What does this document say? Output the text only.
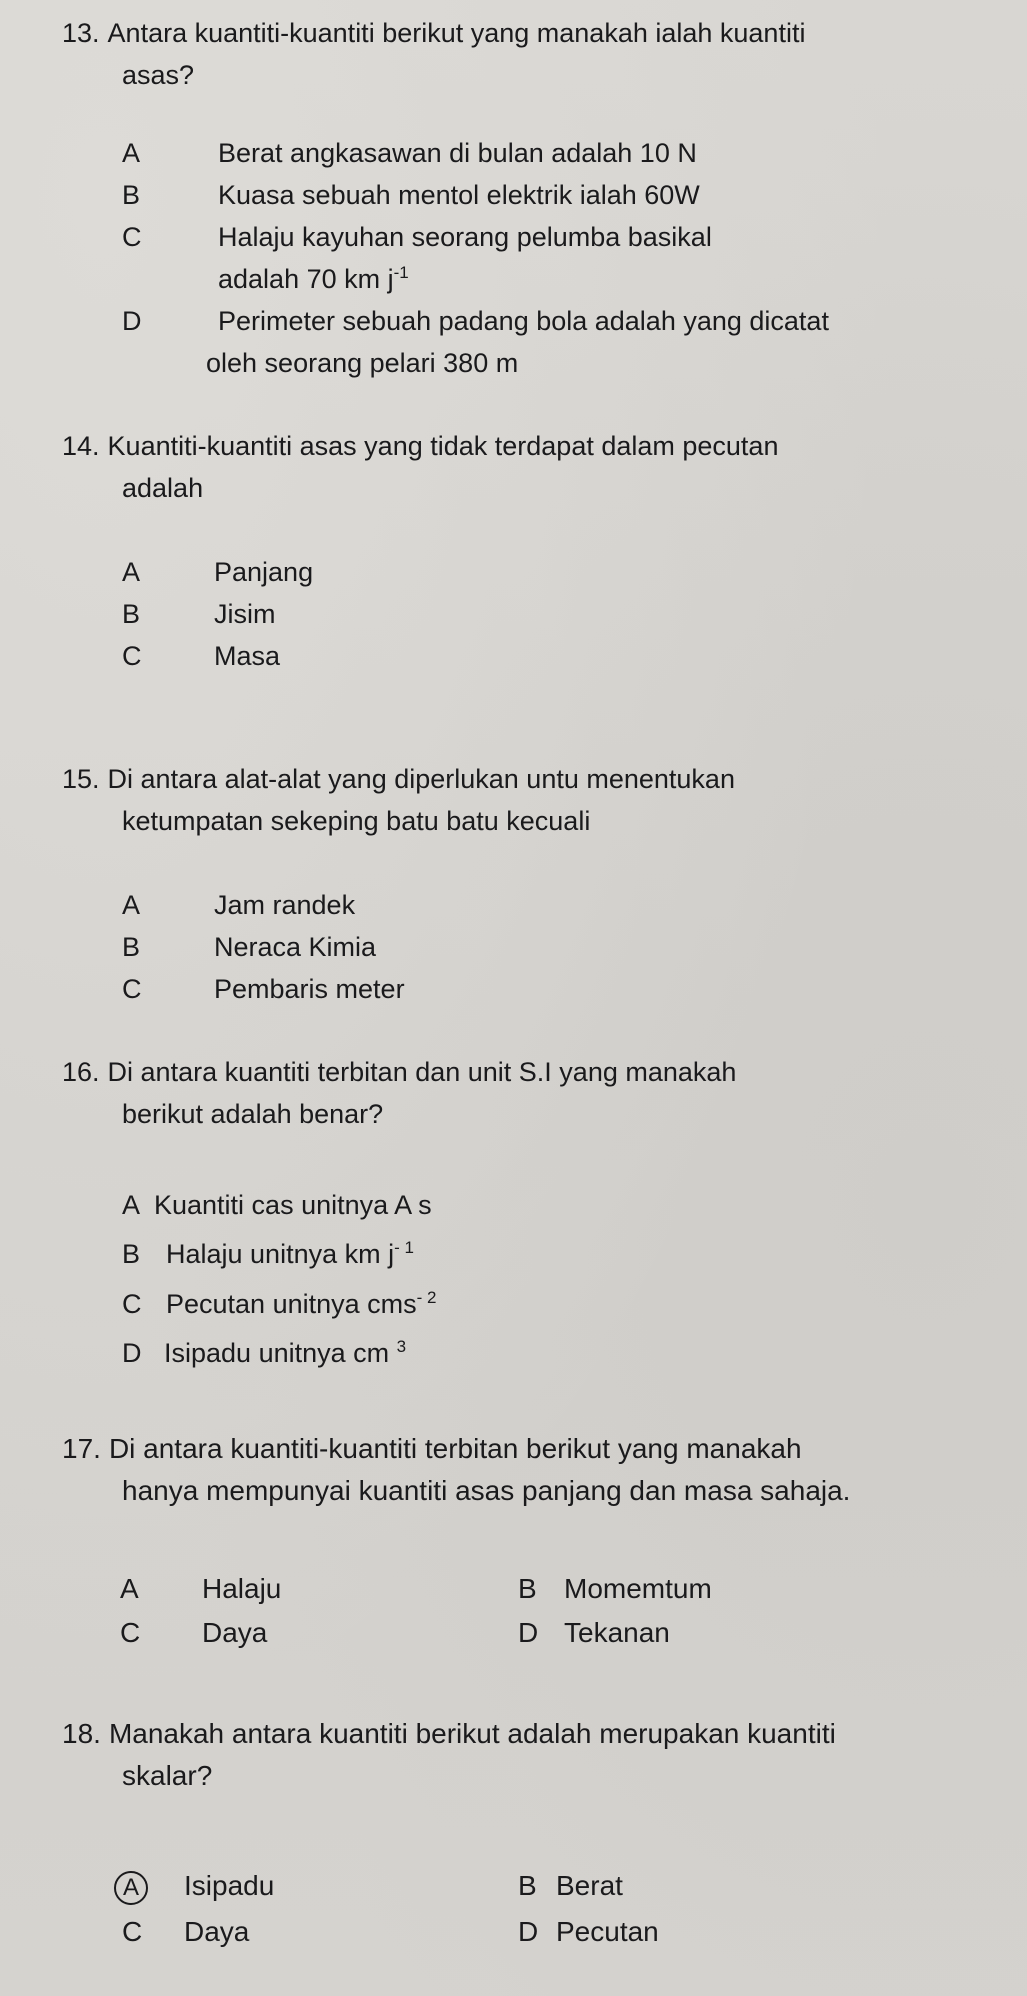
13. Antara kuantiti-kuantiti berikut yang manakah ialah kuantiti
asas?
A	Berat angkasawan di bulan adalah 10 N
B	Kuasa sebuah mentol elektrik ialah 60W
C	Halaju kayuhan seorang pelumba basikal
adalah 70 km $j^{-1}$
D	Perimeter sebuah padang bola adalah yang dicatat
oleh seorang pelari 380 m
14. Kuantiti-kuantiti asas yang tidak terdapat dalam pecutan
adalah
A	Panjang
B	Jisim
C	Masa
15. Di antara alat-alat yang diperlukan untu menentukan
ketumpatan sekeping batu batu kecuali
A	Jam randek
B	Neraca Kimia
C	Pembaris meter
16. Di antara kuantiti terbitan dan unit S.I yang manakah
berikut adalah benar?
A Kuantiti cas unitnya A s
B Halaju unitnya km $j^{- 1}$
C Pecutan unitnya cms$^{- 2}$
D Isipadu unitnya cm $^3$
17. Di antara kuantiti-kuantiti terbitan berikut yang manakah
hanya mempunyai kuantiti asas panjang dan masa sahaja.
A Halaju	B Momemtum
C Daya	D Tekanan
18. Manakah antara kuantiti berikut adalah merupakan kuantiti
skalar?
A Isipadu	B Berat
C Daya	D Pecutan
